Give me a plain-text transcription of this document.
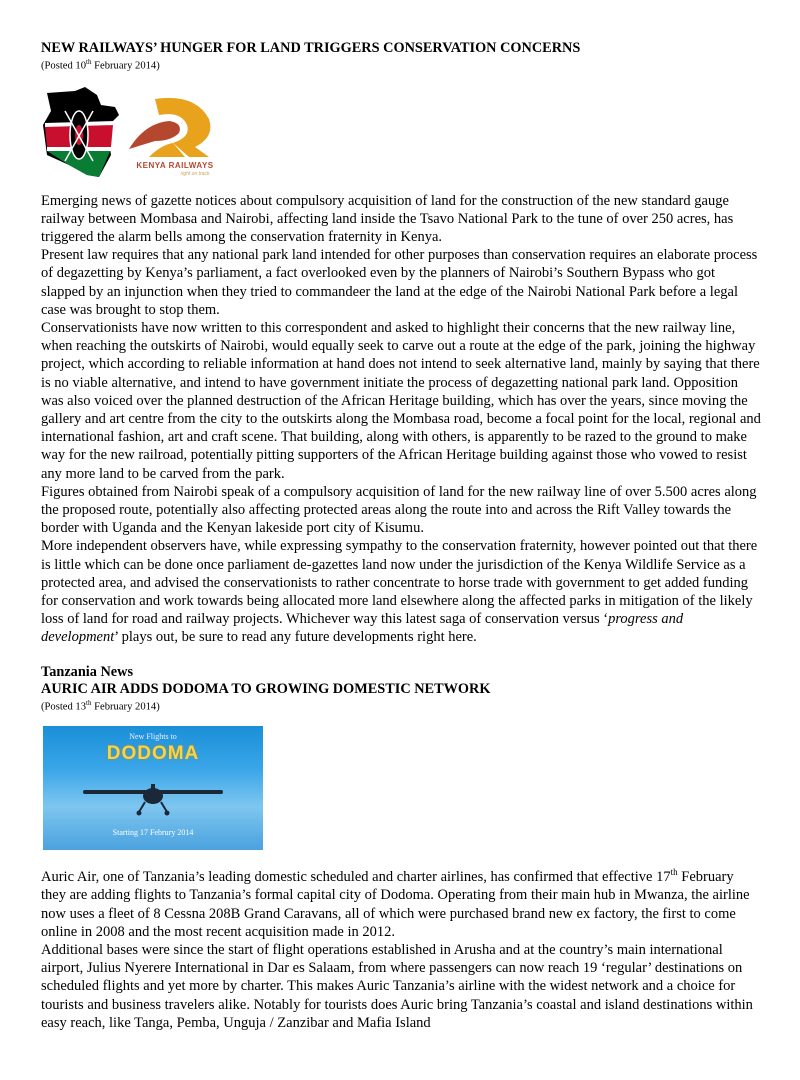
NEW RAILWAYS’ HUNGER FOR LAND TRIGGERS CONSERVATION CONCERNS

(Posted 10th February 2014)

KENYA RAILWAYS
right on track

Emerging news of gazette notices about compulsory acquisition of land for the construction of the new standard gauge railway between Mombasa and Nairobi, affecting land inside the Tsavo National Park to the tune of over 250 acres, has triggered the alarm bells among the conservation fraternity in Kenya.

Present law requires that any national park land intended for other purposes than conservation requires an elaborate process of degazetting by Kenya’s parliament, a fact overlooked even by the planners of Nairobi’s Southern Bypass who got slapped by an injunction when they tried to commandeer the land at the edge of the Nairobi National Park before a legal case was brought to stop them.

Conservationists have now written to this correspondent and asked to highlight their concerns that the new railway line, when reaching the outskirts of Nairobi, would equally seek to carve out a route at the edge of the park, joining the highway project, which according to reliable information at hand does not intend to seek alternative land, mainly by saying that there is no viable alternative, and intend to have government initiate the process of degazetting national park land. Opposition was also voiced over the planned destruction of the African Heritage building, which has over the years, since moving the gallery and art centre from the city to the outskirts along the Mombasa road, become a focal point for the local, regional and international fashion, art and craft scene. That building, along with others, is apparently to be razed to the ground to make way for the new railroad, potentially pitting supporters of the African Heritage building against those who vowed to resist any more land to be carved from the park.

Figures obtained from Nairobi speak of a compulsory acquisition of land for the new railway line of over 5.500 acres along the proposed route, potentially also affecting protected areas along the route into and across the Rift Valley towards the border with Uganda and the Kenyan lakeside port city of Kisumu.

More independent observers have, while expressing sympathy to the conservation fraternity, however pointed out that there is little which can be done once parliament de-gazettes land now under the jurisdiction of the Kenya Wildlife Service as a protected area, and advised the conservationists to rather concentrate to horse trade with government to get added funding for conservation and work towards being allocated more land elsewhere along the affected parks in mitigation of the likely loss of land for road and railway projects. Whichever way this latest saga of conservation versus ‘progress and development’ plays out, be sure to read any future developments right here.

Tanzania News

AURIC AIR ADDS DODOMA TO GROWING DOMESTIC NETWORK

(Posted 13th February 2014)

New Flights to
DODOMA
Starting 17 Februry 2014

Auric Air, one of Tanzania’s leading domestic scheduled and charter airlines, has confirmed that effective 17th February they are adding flights to Tanzania’s formal capital city of Dodoma. Operating from their main hub in Mwanza, the airline now uses a fleet of 8 Cessna 208B Grand Caravans, all of which were purchased brand new ex factory, the first to come online in 2008 and the most recent acquisition made in 2012.

Additional bases were since the start of flight operations established in Arusha and at the country’s main international airport, Julius Nyerere International in Dar es Salaam, from where passengers can now reach 19 ‘regular’ destinations on scheduled flights and yet more by charter. This makes Auric Tanzania’s airline with the widest network and a choice for tourists and business travelers alike. Notably for tourists does Auric bring Tanzania’s coastal and island destinations within easy reach, like Tanga, Pemba, Unguja / Zanzibar and Mafia Island
